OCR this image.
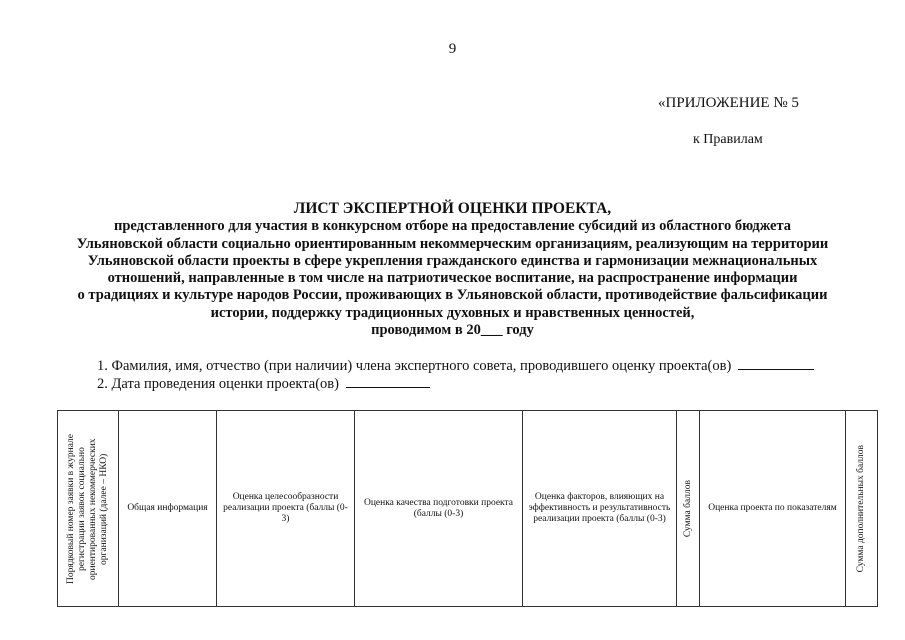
9
«ПРИЛОЖЕНИЕ № 5
к Правилам
ЛИСТ ЭКСПЕРТНОЙ ОЦЕНКИ ПРОЕКТА,
представленного для участия в конкурсном отборе на предоставление субсидий из областного бюджета
Ульяновской области социально ориентированным некоммерческим организациям, реализующим на территории
Ульяновской области проекты в сфере укрепления гражданского единства и гармонизации межнациональных
отношений, направленные в том числе на патриотическое воспитание, на распространение информации
о традициях и культуре народов России, проживающих в Ульяновской области, противодействие фальсификации
истории, поддержку традиционных духовных и нравственных ценностей,
проводимом в 20___ году
1. Фамилия, имя, отчество (при наличии) члена экспертного совета, проводившего оценку проекта(ов)
2. Дата проведения оценки проекта(ов)
Порядковый номер заявки в журнале регистрации заявок социально ориентированных некоммерческих организаций (далее – НКО)	Общая информация	Оценка целесообразности реализации проекта (баллы (0-3)	Оценка качества подготовки проекта (баллы (0-3)	Оценка факторов, влияющих на эффективность и результативность реализации проекта (баллы (0-3)	Сумма баллов	Оценка проекта по показателям	Сумма дополнительных баллов
